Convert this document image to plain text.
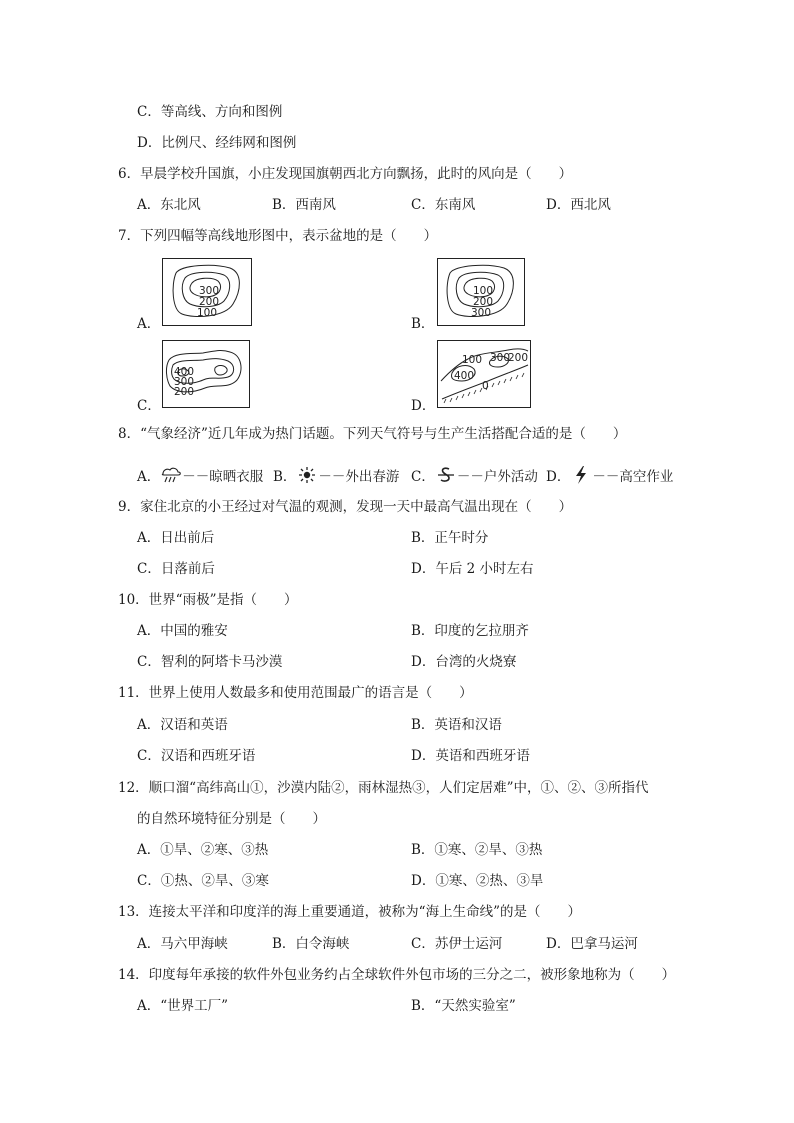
C．等高线、方向和图例
D．比例尺、经纬网和图例
6．早晨学校升国旗，小庄发现国旗朝西北方向飘扬，此时的风向是（　　）
A．东北风	B．西南风	C．东南风	D．西北风
7．下列四幅等高线地形图中，表示盆地的是（　　）
A．
300
200
100
B．
100
200
300
C．
400
300
200
D．
100
400
300
200
0
8．“气象经济”近几年成为热门话题。下列天气符号与生产生活搭配合适的是（　　）
A． －－晾晒衣服 B． －－外出春游 C． －－户外活动 D． －－高空作业
9．家住北京的小王经过对气温的观测，发现一天中最高气温出现在（　　）
A．日出前后	B．正午时分
C．日落前后	D．午后 2 小时左右
10．世界“雨极”是指（　　）
A．中国的雅安	B．印度的乞拉朋齐
C．智利的阿塔卡马沙漠	D．台湾的火烧寮
11．世界上使用人数最多和使用范围最广的语言是（　　）
A．汉语和英语	B．英语和汉语
C．汉语和西班牙语	D．英语和西班牙语
12．顺口溜“高纬高山①，沙漠内陆②，雨林湿热③，人们定居难”中，①、②、③所指代
的自然环境特征分别是（　　）
A．①旱、②寒、③热	B．①寒、②旱、③热
C．①热、②旱、③寒	D．①寒、②热、③旱
13．连接太平洋和印度洋的海上重要通道，被称为“海上生命线”的是（　　）
A．马六甲海峡	B．白令海峡	C．苏伊士运河	D．巴拿马运河
14．印度每年承接的软件外包业务约占全球软件外包市场的三分之二，被形象地称为（　　）
A．“世界工厂”	B．“天然实验室”
